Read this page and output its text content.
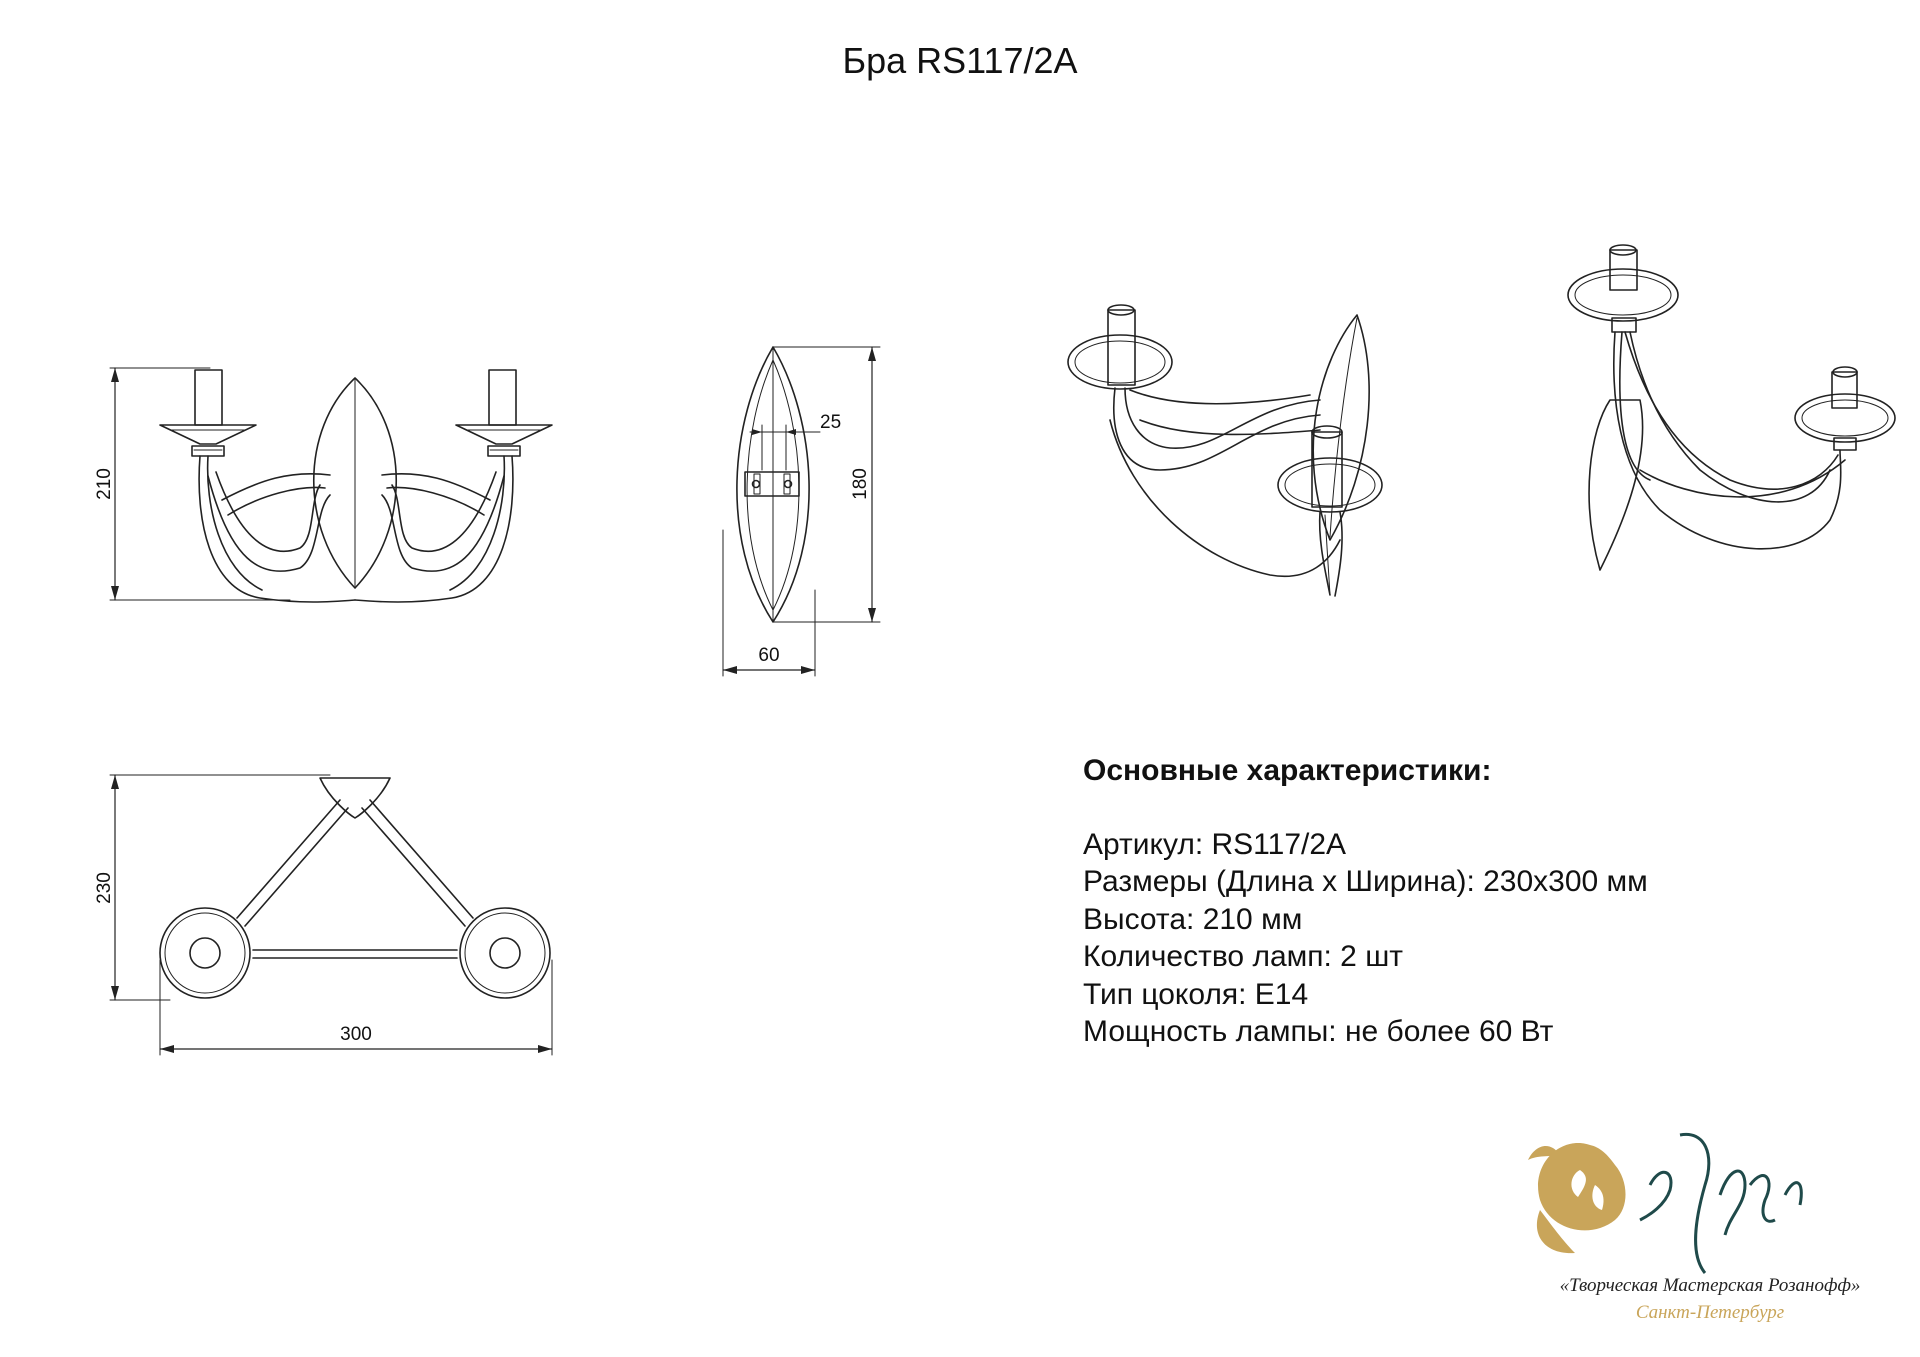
Бра RS117/2A
210
25
180
60
230
300
Основные характеристики:
Артикул: RS117/2A
Размеры (Длина х Ширина): 230х300 мм
Высота: 210 мм
Количество ламп: 2 шт
Тип цоколя: E14
Мощность лампы: не более 60 Вт
«Творческая Мастерская Розанофф»
Санкт-Петербург
